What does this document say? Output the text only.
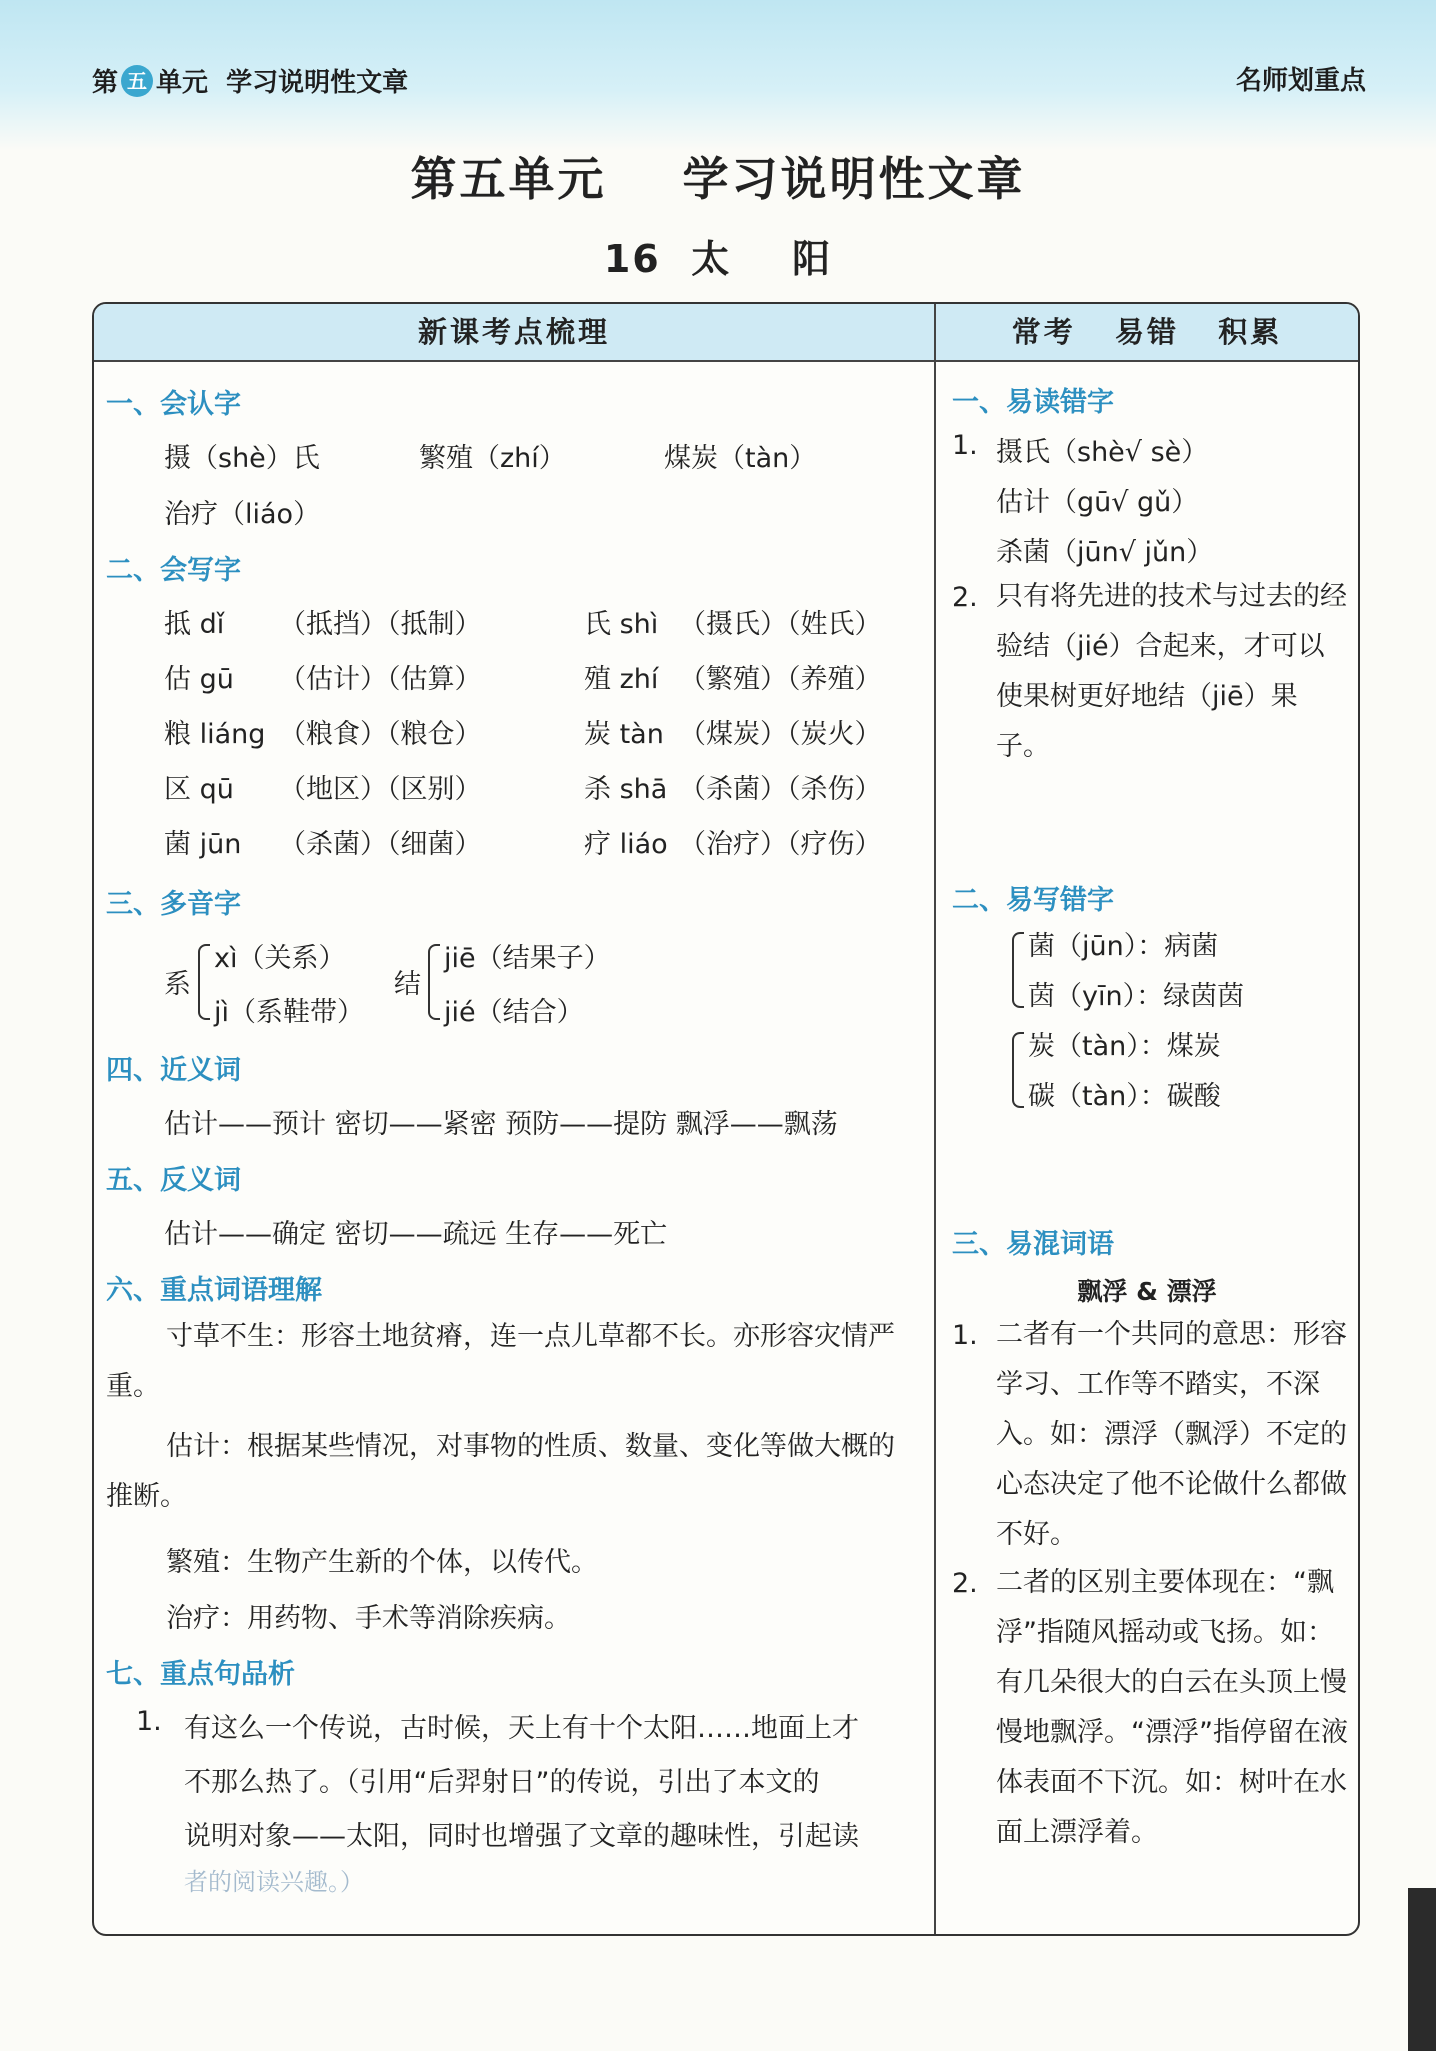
第 五 单元  学习说明性文章	名师划重点
第五单元    学习说明性文章
16  太    阳
新课考点梳理	常考   易错   积累
一、会认字
摄（shè）氏	繁殖（zhí）	煤炭（tàn）
治疗（liáo）
二、会写字
抵 dǐ （抵挡）（抵制）	氏 shì （摄氏）（姓氏）
估 gū （估计）（估算）	殖 zhí （繁殖）（养殖）
粮 liáng （粮食）（粮仓）	炭 tàn （煤炭）（炭火）
区 qū （地区）（区别）	杀 shā （杀菌）（杀伤）
菌 jūn （杀菌）（细菌）	疗 liáo （治疗）（疗伤）
三、多音字
系
xì（关系）
jì（系鞋带）
结
jiē（结果子）
jié（结合）
四、近义词
估计——预计 密切——紧密 预防——提防 飘浮——飘荡
五、反义词
估计——确定 密切——疏远 生存——死亡
六、重点词语理解
寸草不生：形容土地贫瘠，连一点儿草都不长。亦形容灾情严重。
估计：根据某些情况，对事物的性质、数量、变化等做大概的推断。
繁殖：生物产生新的个体，以传代。
治疗：用药物、手术等消除疾病。
七、重点句品析
1. 有这么一个传说，古时候，天上有十个太阳……地面上才
不那么热了。（引用“后羿射日”的传说，引出了本文的
说明对象——太阳，同时也增强了文章的趣味性，引起读
者的阅读兴趣。）
一、易读错字
1. 摄氏（shè√ sè）
估计（gū√ gǔ）
杀菌（jūn√ jǔn）
2. 只有将先进的技术与过去的经验结（jié）合起来，才可以使果树更好地结（jiē）果子。
二、易写错字
菌（jūn）：病菌
茵（yīn）：绿茵茵
炭（tàn）：煤炭
碳（tàn）：碳酸
三、易混词语
飘浮 & 漂浮
1. 二者有一个共同的意思：形容学习、工作等不踏实，不深入。如：漂浮（飘浮）不定的心态决定了他不论做什么都做不好。
2. 二者的区别主要体现在：“飘浮”指随风摇动或飞扬。如：有几朵很大的白云在头顶上慢慢地飘浮。“漂浮”指停留在液体表面不下沉。如：树叶在水面上漂浮着。
